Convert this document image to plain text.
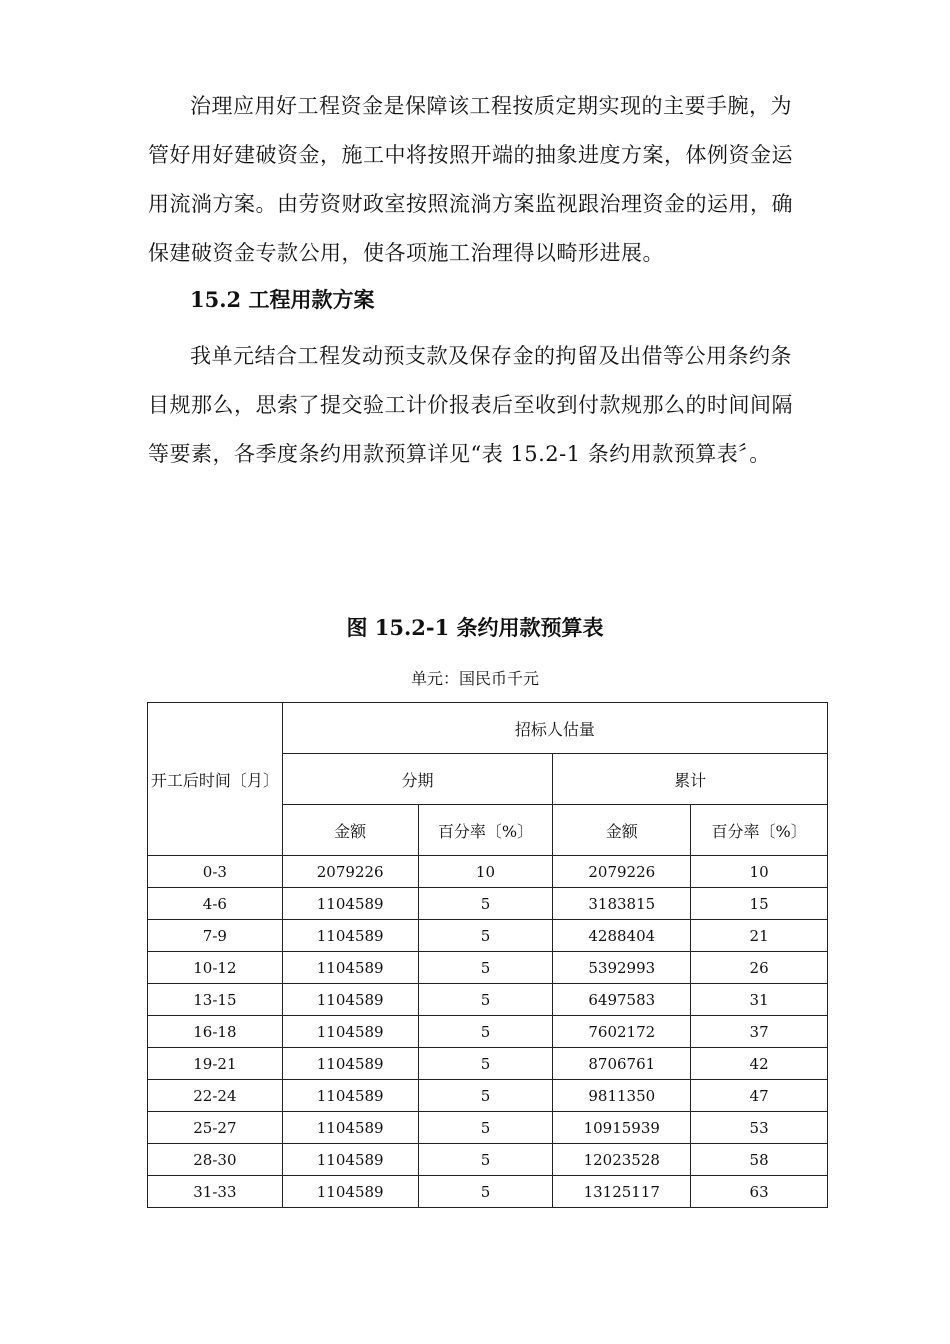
治理应用好工程资金是保障该工程按质定期实现的主要手腕，为管好用好建破资金，施工中将按照开端的抽象进度方案，体例资金运用流淌方案。由劳资财政室按照流淌方案监视跟治理资金的运用，确保建破资金专款公用，使各项施工治理得以畸形进展。

15.2 工程用款方案

我单元结合工程发动预支款及保存金的拘留及出借等公用条约条目规那么，思索了提交验工计价报表后至收到付款规那么的时间间隔等要素，各季度条约用款预算详见“表 15.2-1 条约用款预算表〞。

图 15.2-1 条约用款预算表

单元：国民币千元

开工后时间〔月〕	招标人估量			
	分期		累计	
	金额	百分率〔%〕	金额	百分率〔%〕
0-3	2079226	10	2079226	10
4-6	1104589	5	3183815	15
7-9	1104589	5	4288404	21
10-12	1104589	5	5392993	26
13-15	1104589	5	6497583	31
16-18	1104589	5	7602172	37
19-21	1104589	5	8706761	42
22-24	1104589	5	9811350	47
25-27	1104589	5	10915939	53
28-30	1104589	5	12023528	58
31-33	1104589	5	13125117	63
